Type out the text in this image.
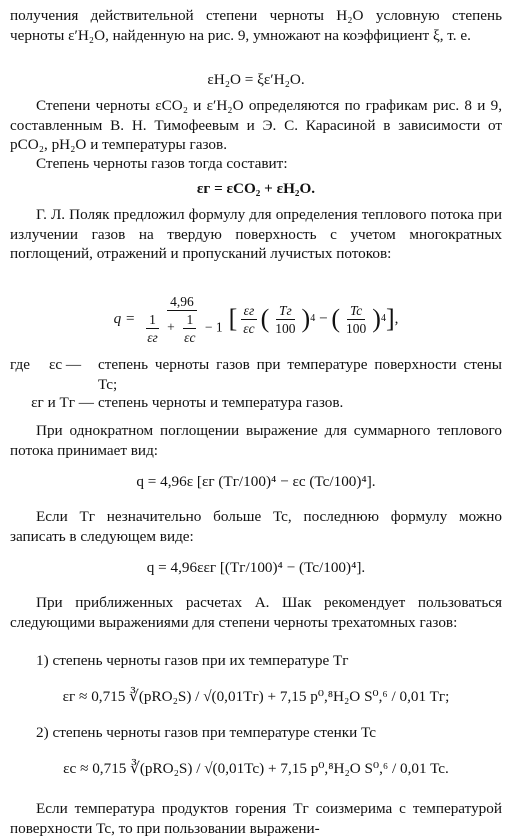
получения действительной степени черноты H₂O условную степень черноты ε′H₂O, найденную на рис. 9, умножают на коэффициент ξ, т. е.

εH₂O = ξε′H₂O.

Степени черноты εCO₂ и ε′H₂O определяются по графикам рис. 8 и 9, составленным В. Н. Тимофеевым и Э. С. Карасиной в зависимости от pCO₂, pH₂O и температуры газов.

Степень черноты газов тогда составит:

εг = εCO₂ + εH₂O.

Г. Л. Поляк предложил формулу для определения теплового потока при излучении газов на твердую поверхность с учетом многократных поглощений, отражений и пропусканий лучистых потоков:

$q = \frac{4,96}{\frac{1}{\varepsilon г} + \frac{1}{\varepsilon c} - 1}$ [ $\frac{\varepsilon г}{\varepsilon c}$ ( $\frac{Tг}{100}$ ) 4 − ( $\frac{Tc}{100}$ ) 4 ] ,
где εc —	степень черноты газов при температуре поверхности стены Tc;
εг и Tг — степень черноты и температура газов.

При однократном поглощении выражение для суммарного теплового потока принимает вид:

q = 4,96ε [εг (Tг/100)⁴ − εc (Tc/100)⁴].

Если Tг незначительно больше Tc, последнюю формулу можно записать в следующем виде:

q = 4,96εεг [(Tг/100)⁴ − (Tc/100)⁴].

При приближенных расчетах А. Шак рекомендует пользоваться следующими выражениями для степени черноты трехатомных газов:

1) степень черноты газов при их температуре Tг

εг ≈ 0,715 ∛(pRO₂S) / √(0,01Tг) + 7,15 p⁰,⁸H₂O S⁰,⁶ / 0,01 Tг;

2) степень черноты газов при температуре стенки Tc

εc ≈ 0,715 ∛(pRO₂S) / √(0,01Tc) + 7,15 p⁰,⁸H₂O S⁰,⁶ / 0,01 Tc.

Если температура продуктов горения Tг соизмерима с температурой поверхности Tc, то при пользовании выражени-
